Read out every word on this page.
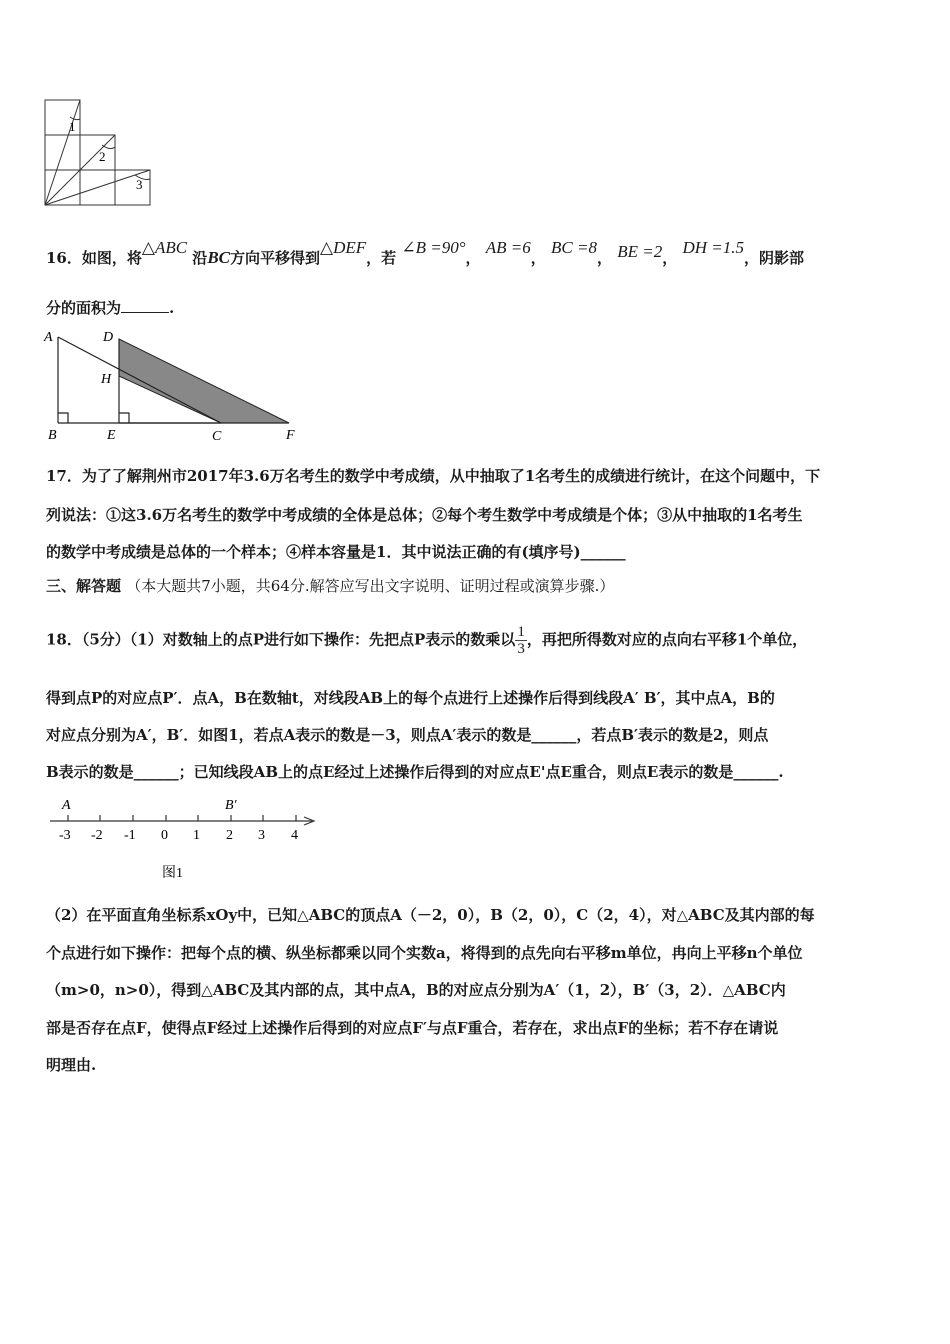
1
2
3
16．如图，将△ABC 沿BC方向平移得到△DEF，若 ∠B =90°， AB =6， BC =8， BE =2， DH =1.5，阴影部
分的面积为	.
A	D
H
B	E	C	F
17．为了了解荆州市2017年3.6万名考生的数学中考成绩，从中抽取了1名考生的成绩进行统计，在这个问题中，下
列说法：①这3.6万名考生的数学中考成绩的全体是总体；②每个考生数学中考成绩是个体；③从中抽取的1名考生
的数学中考成绩是总体的一个样本；④样本容量是1．其中说法正确的有(填序号)______
三、解答题 （本大题共7小题，共64分.解答应写出文字说明、证明过程或演算步骤.）
18．（5分）（1）对数轴上的点P进行如下操作：先把点P表示的数乘以 $\frac{1}{3}$ ，再把所得数对应的点向右平移1个单位，
得到点P的对应点P′．点A，B在数轴t，对线段AB上的每个点进行上述操作后得到线段A′ B′，其中点A，B的
对应点分别为A′，B′．如图1，若点A表示的数是－3，则点A′表示的数是______，若点B′表示的数是2，则点
B表示的数是______；已知线段AB上的点E经过上述操作后得到的对应点E'点E重合，则点E表示的数是______.
A	B′
-3 -2 -1 0 1 2 3 4
图1
（2）在平面直角坐标系xOy中，已知△ABC的顶点A（－2，0），B（2，0），C（2，4），对△ABC及其内部的每
个点进行如下操作：把每个点的横、纵坐标都乘以同个实数a，将得到的点先向右平移m单位，冉向上平移n个单位
（m>0，n>0），得到△ABC及其内部的点，其中点A，B的对应点分别为A′（1，2），B′（3，2）．△ABC内
部是否存在点F，使得点F经过上述操作后得到的对应点F′与点F重合，若存在，求出点F的坐标；若不存在请说
明理由.
